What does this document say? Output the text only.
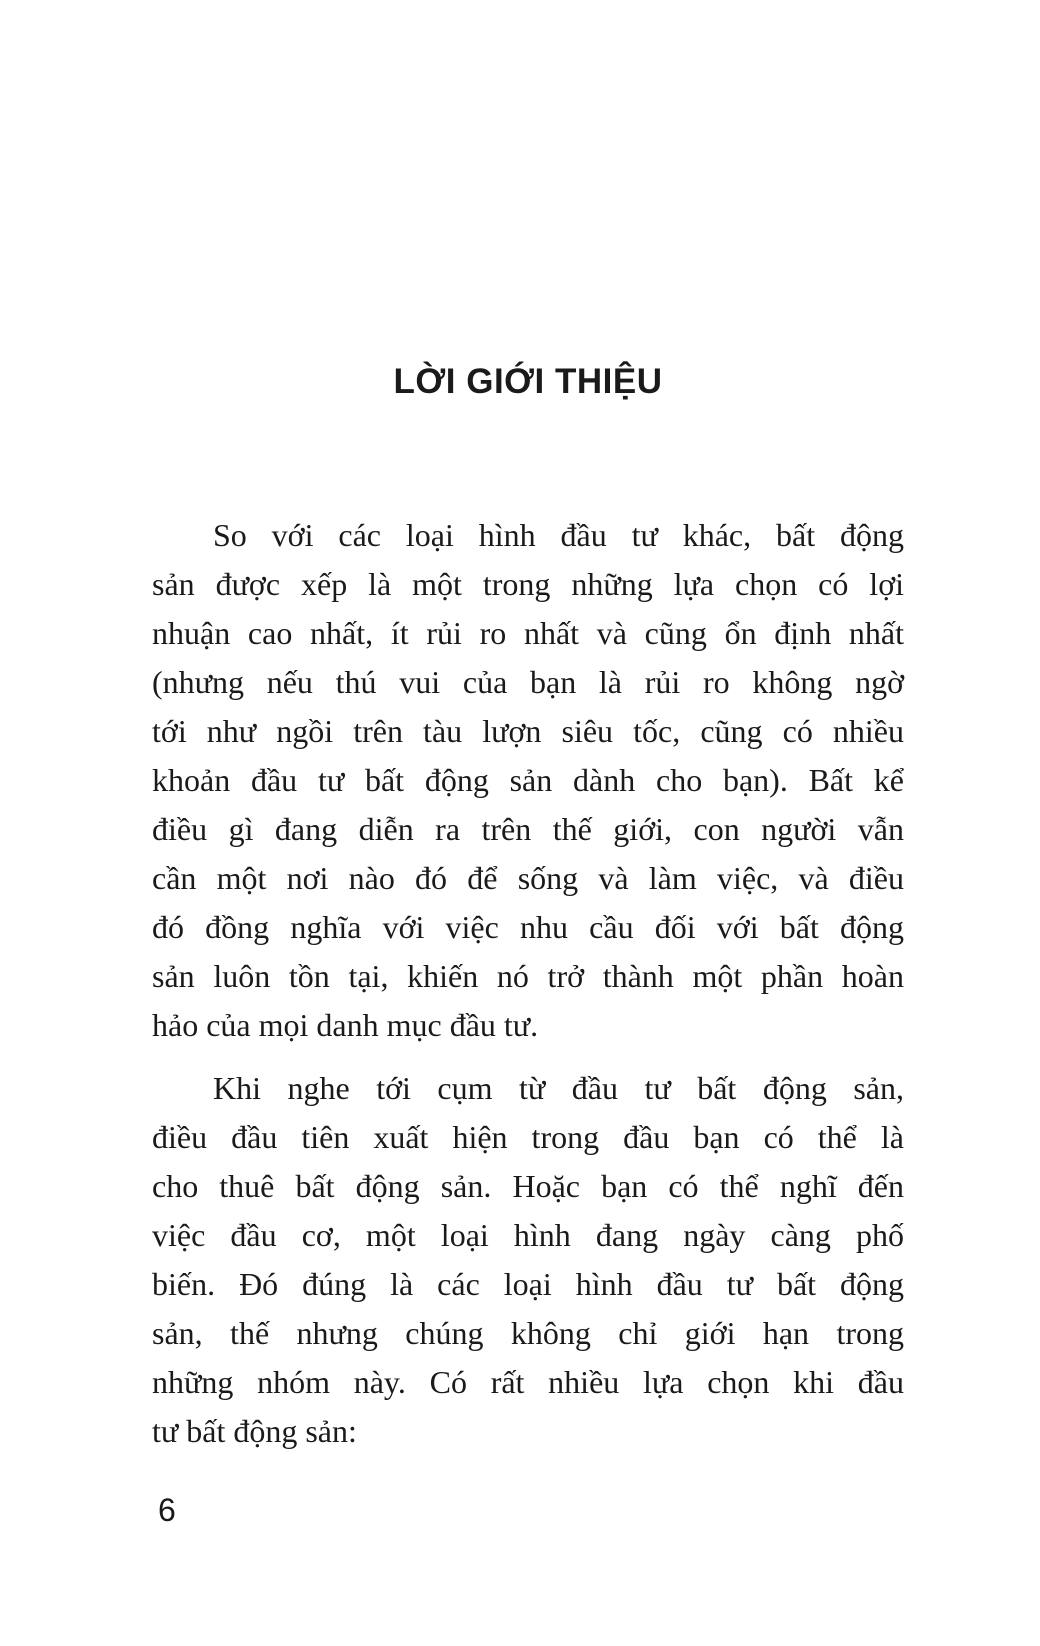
LỜI GIỚI THIỆU
So với các loại hình đầu tư khác, bất động
sản được xếp là một trong những lựa chọn có lợi
nhuận cao nhất, ít rủi ro nhất và cũng ổn định nhất
(nhưng nếu thú vui của bạn là rủi ro không ngờ
tới như ngồi trên tàu lượn siêu tốc, cũng có nhiều
khoản đầu tư bất động sản dành cho bạn). Bất kể
điều gì đang diễn ra trên thế giới, con người vẫn
cần một nơi nào đó để sống và làm việc, và điều
đó đồng nghĩa với việc nhu cầu đối với bất động
sản luôn tồn tại, khiến nó trở thành một phần hoàn
hảo của mọi danh mục đầu tư.
Khi nghe tới cụm từ đầu tư bất động sản,
điều đầu tiên xuất hiện trong đầu bạn có thể là
cho thuê bất động sản. Hoặc bạn có thể nghĩ đến
việc đầu cơ, một loại hình đang ngày càng phố
biến. Đó đúng là các loại hình đầu tư bất động
sản, thế nhưng chúng không chỉ giới hạn trong
những nhóm này. Có rất nhiều lựa chọn khi đầu
tư bất động sản:
6
